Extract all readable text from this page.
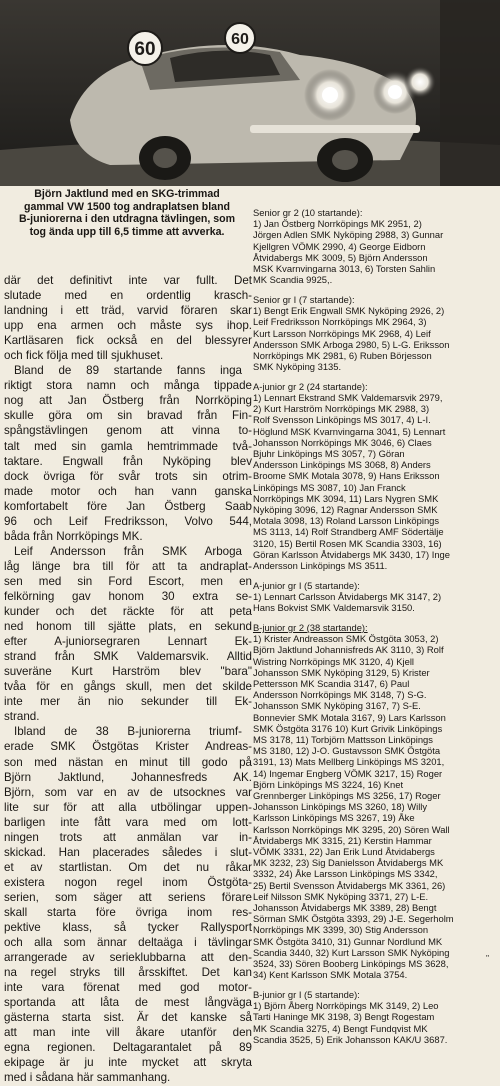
60	60
Björn Jaktlund med en SKG-trimmad
gammal VW 1500 tog andraplatsen bland
B-juniorerna i den utdragna tävlingen, som
tog ända upp till 6,5 timme att avverka.
där det definitivt inte var fullt. Det
slutade med en ordentlig krasch-
landning i ett träd, varvid föraren skar
upp ena armen och måste sys ihop.
Kartläsaren fick också en del blessyrer
och fick följa med till sjukhuset.
Bland de 89 startande fanns inga
riktigt stora namn och många tippade
nog att Jan Östberg från Norrköping
skulle göra om sin bravad från Fin-
spångstävlingen genom att vinna to-
talt med sin gamla hemtrimmade två-
taktare. Engwall från Nyköping blev
dock övriga för svår trots sin otrim-
made motor och han vann ganska
komfortabelt före Jan Östberg Saab
96 och Leif Fredriksson, Volvo 544,
båda från Norrköpings MK.
Leif Andersson från SMK Arboga
låg länge bra till för att ta andraplat-
sen med sin Ford Escort, men en
felkörning gav honom 30 extra se-
kunder och det räckte för att peta
ned honom till sjätte plats, en sekund
efter A-juniorsegraren Lennart Ek-
strand från SMK Valdemarsvik. Alltid
suveräne Kurt Harström blev "bara"
tvåa för en gångs skull, men det skilde
inte mer än nio sekunder till Ek-
strand.
Ibland de 38 B-juniorerna triumf-
erade SMK Östgötas Krister Andreas-
son med nästan en minut till godo på
Björn Jaktlund, Johannesfreds AK.
Björn, som var en av de utsocknes var
lite sur för att alla utbölingar uppen-
barligen inte fått vara med om lott-
ningen trots att anmälan var in-
skickad. Han placerades således i slut-
et av startlistan. Om det nu råkar
existera nogon regel inom Östgöta-
serien, som säger att seriens förare
skall starta före övriga inom res-
pektive klass, så tycker Rallysport
och alla som ännar deltaäga i tävlingar
arrangerade av serieklubbarna att den-
na regel stryks till årsskiftet. Det kan
inte vara förenat med god motor-
sportanda att låta de mest långväga
gästerna starta sist. Är det kanske så
att man inte vill åkare utanför den
egna regionen. Deltagarantalet på 89
ekipage är ju inte mycket att skryta
med i sådana här sammanhang.
Senior gr 2 (10 startande):
1) Jan Östberg Norrköpings MK 2951, 2)
Jörgen Adlen SMK Nyköping 2988, 3) Gunnar
Kjellgren VÖMK 2990, 4) George Eidborn
Åtvidabergs MK 3009, 5) Björn Andersson
MSK Kvarnvingarna 3013, 6) Torsten Sahlin
MK Scandia 9925,.
Senior gr I (7 startande):
1) Bengt Erik Engwall SMK Nyköping 2926, 2)
Leif Fredriksson Norrköpings MK 2964, 3)
Kurt Larsson Norrköpings MK 2968, 4) Leif
Andersson SMK Arboga 2980, 5) L-G. Eriksson
Norrköpings MK 2981, 6) Ruben Börjesson
SMK Nyköping 3135.
A-junior gr 2 (24 startande):
1) Lennart Ekstrand SMK Valdemarsvik 2979,
2) Kurt Harström Norrköpings MK 2988, 3)
Rolf Svensson Linköpings MS 3017, 4) L-I.
Höglund MSK Kvarnvingarna 3041, 5) Lennart
Johansson Norrköpings MK 3046, 6) Claes
Bjuhr Linköpings MS 3057, 7) Göran
Andersson Linköpings MS 3068, 8) Anders
Broome SMK Motala 3078, 9) Hans Eriksson
Linköpings MS 3087, 10) Jan Franck
Norrköpings MK 3094, 11) Lars Nygren SMK
Nyköping 3096, 12) Ragnar Andersson SMK
Motala 3098, 13) Roland Larsson Linköpings
MS 3113, 14) Rolf Strandberg AMF Södertälje
3120, 15) Bertil Rosen MK Scandia 3303, 16)
Göran Karlsson Åtvidabergs MK 3430, 17) Inge
Andersson Linköpings MS 3511.
A-junior gr I (5 startande):
1) Lennart Carlsson Åtvidabergs MK 3147, 2)
Hans Bokvist SMK Valdemarsvik 3150.
B-junior gr 2 (38 startande):
1) Krister Andreasson SMK Östgöta 3053, 2)
Björn Jaktlund Johannisfreds AK 3110, 3) Rolf
Wistring Norrköpings MK 3120, 4) Kjell
Johansson SMK Nyköping 3129, 5) Krister
Pettersson MK Scandia 3147, 6) Paul
Andersson Norrköpings MK 3148, 7) S-G.
Johansson SMK Nyköping 3167, 7) S-E.
Bonnevier SMK Motala 3167, 9) Lars Karlsson
SMK Östgöta 3176 10) Kurt Grivik Linköpings
MS 3178, 11) Torbjörn Mattsson Linköpings
MS 3180, 12) J-O. Gustavsson SMK Östgöta
3191, 13) Mats Mellberg Linköpings MS 3201,
14) Ingemar Engberg VÖMK 3217, 15) Roger
Björn Linköpings MS 3224, 16) Knet
Grennberger Linköpings MS 3256, 17) Roger
Johansson Linköpings MS 3260, 18) Willy
Karlsson Linköpings MS 3267, 19) Åke
Karlsson Norrköpings MK 3295, 20) Sören Wall
Åtvidabergs MK 3315, 21) Kerstin Hammar
VÖMK 3331, 22) Jan Erik Lund Åtvidabergs
MK 3232, 23) Sig Danielsson Åtvidabergs MK
3332, 24) Åke Larsson Linköpings MS 3342,
25) Bertil Svensson Åtvidabergs MK 3361, 26)
Leif Nilsson SMK Nyköping 3371, 27) L-E.
Johansson Åtvidabergs MK 3389, 28) Bengt
Sörman SMK Östgöta 3393, 29) J-E. Segerholm
Norrköpings MK 3399, 30) Stig Andersson
SMK Östgöta 3410, 31) Gunnar Nordlund MK
Scandia 3440, 32) Kurt Larsson SMK Nyköping
3524, 33) Sören Booberg Linköpings MS 3628,
34) Kent Karlsson SMK Motala 3754.
B-junior gr I (5 startande):
1) Björn Åberg Norrköpings MK 3149, 2) Leo
Tarti Haninge MK 3198, 3) Bengt Rogestam
MK Scandia 3275, 4) Bengt Fundqvist MK
Scandia 3525, 5) Erik Johansson KAK/U 3687.
''
